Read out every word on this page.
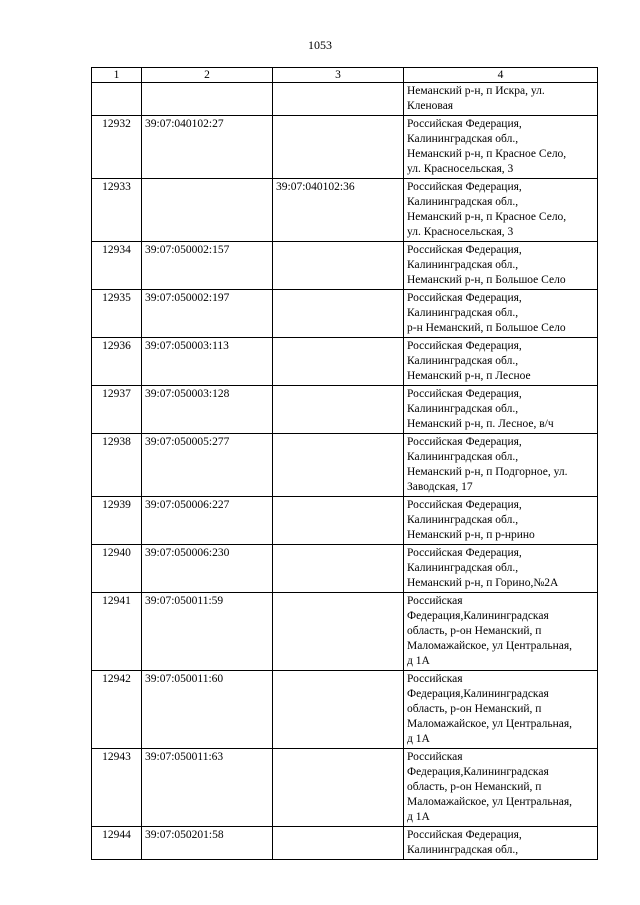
1053
1	2	3	4
			Неманский р-н, п Искра, ул.
Кленовая
12932	39:07:040102:27		Российская Федерация,
Калининградская обл.,
Неманский р-н, п Красное Село,
ул. Красносельская, 3
12933		39:07:040102:36	Российская Федерация,
Калининградская обл.,
Неманский р-н, п Красное Село,
ул. Красносельская, 3
12934	39:07:050002:157		Российская Федерация,
Калининградская обл.,
Неманский р-н, п Большое Село
12935	39:07:050002:197		Российская Федерация,
Калининградская обл.,
р-н Неманский, п Большое Село
12936	39:07:050003:113		Российская Федерация,
Калининградская обл.,
Неманский р-н, п Лесное
12937	39:07:050003:128		Российская Федерация,
Калининградская обл.,
Неманский р-н, п. Лесное, в/ч
12938	39:07:050005:277		Российская Федерация,
Калининградская обл.,
Неманский р-н, п Подгорное, ул.
Заводская, 17
12939	39:07:050006:227		Российская Федерация,
Калининградская обл.,
Неманский р-н, п р-нрино
12940	39:07:050006:230		Российская Федерация,
Калининградская обл.,
Неманский р-н, п Горино,№2А
12941	39:07:050011:59		Российская
Федерация,Калининградская
область, р-он Неманский, п
Маломажайское, ул Центральная,
д 1А
12942	39:07:050011:60		Российская
Федерация,Калининградская
область, р-он Неманский, п
Маломажайское, ул Центральная,
д 1А
12943	39:07:050011:63		Российская
Федерация,Калининградская
область, р-он Неманский, п
Маломажайское, ул Центральная,
д 1А
12944	39:07:050201:58		Российская Федерация,
Калининградская обл.,
